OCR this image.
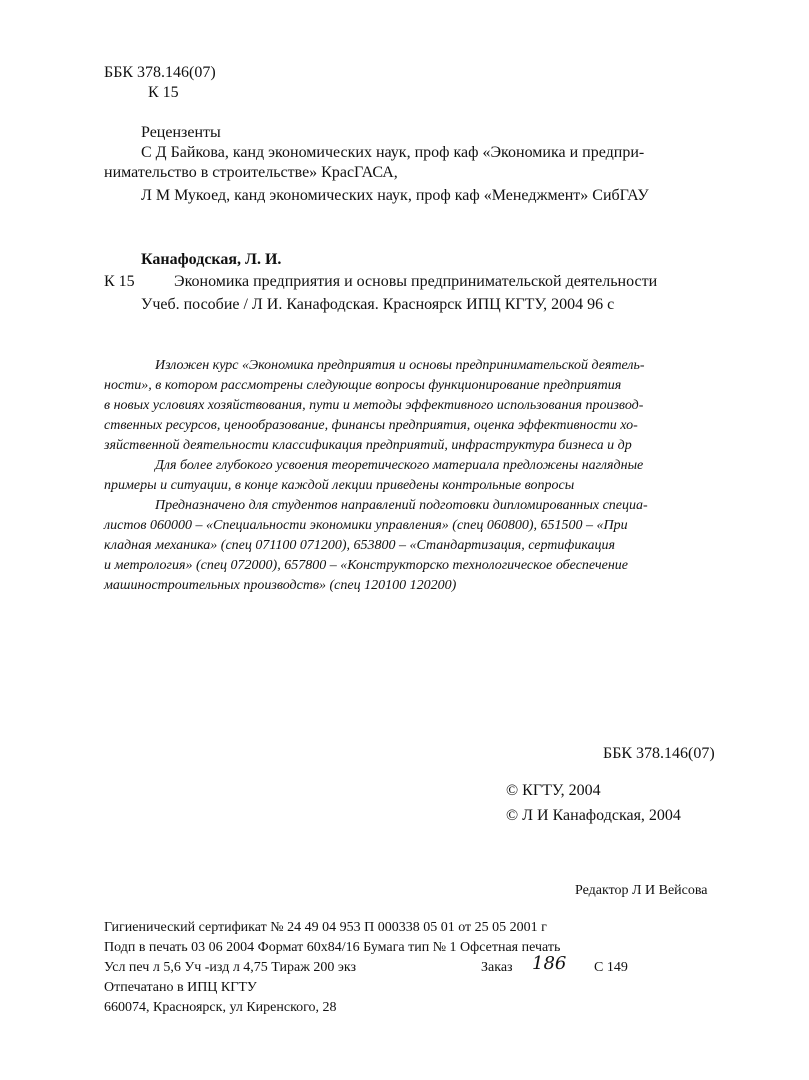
ББК 378.146(07)
К 15
Рецензенты
С Д Байкова, канд экономических наук, проф каф «Экономика и предпри-
нимательство в строительстве» КрасГАСА,
Л М Мукоед, канд экономических наук, проф каф «Менеджмент» СибГАУ
Канафодская, Л. И.
К 15 Экономика предприятия и основы предпринимательской деятельности
Учеб. пособие / Л И. Канафодская. Красноярск ИПЦ КГТУ, 2004 96 с
Изложен курс «Экономика предприятия и основы предпринимательской деятель-
ности», в котором рассмотрены следующие вопросы функционирование предприятия
в новых условиях хозяйствования, пути и методы эффективного использования производ-
ственных ресурсов, ценообразование, финансы предприятия, оценка эффективности хо-
зяйственной деятельности классификация предприятий, инфраструктура бизнеса и др
Для более глубокого усвоения теоретического материала предложены наглядные
примеры и ситуации, в конце каждой лекции приведены контрольные вопросы
Предназначено для студентов направлений подготовки дипломированных специа-
листов 060000 – «Специальности экономики управления» (спец 060800), 651500 – «При
кладная механика» (спец 071100 071200), 653800 – «Стандартизация, сертификация
и метрология» (спец 072000), 657800 – «Конструкторско технологическое обеспечение
машиностроительных производств» (спец 120100 120200)
ББК 378.146(07)
© КГТУ, 2004
© Л И Канафодская, 2004
Редактор Л И Вейсова
Гигиенический сертификат № 24 49 04 953 П 000338 05 01 от 25 05 2001 г
Подп в печать 03 06 2004 Формат 60х84/16 Бумага тип № 1 Офсетная печать
Усл печ л 5,6 Уч -изд л 4,75 Тираж 200 экз	Заказ 186 С 149
Отпечатано в ИПЦ КГТУ
660074, Красноярск, ул Киренского, 28
